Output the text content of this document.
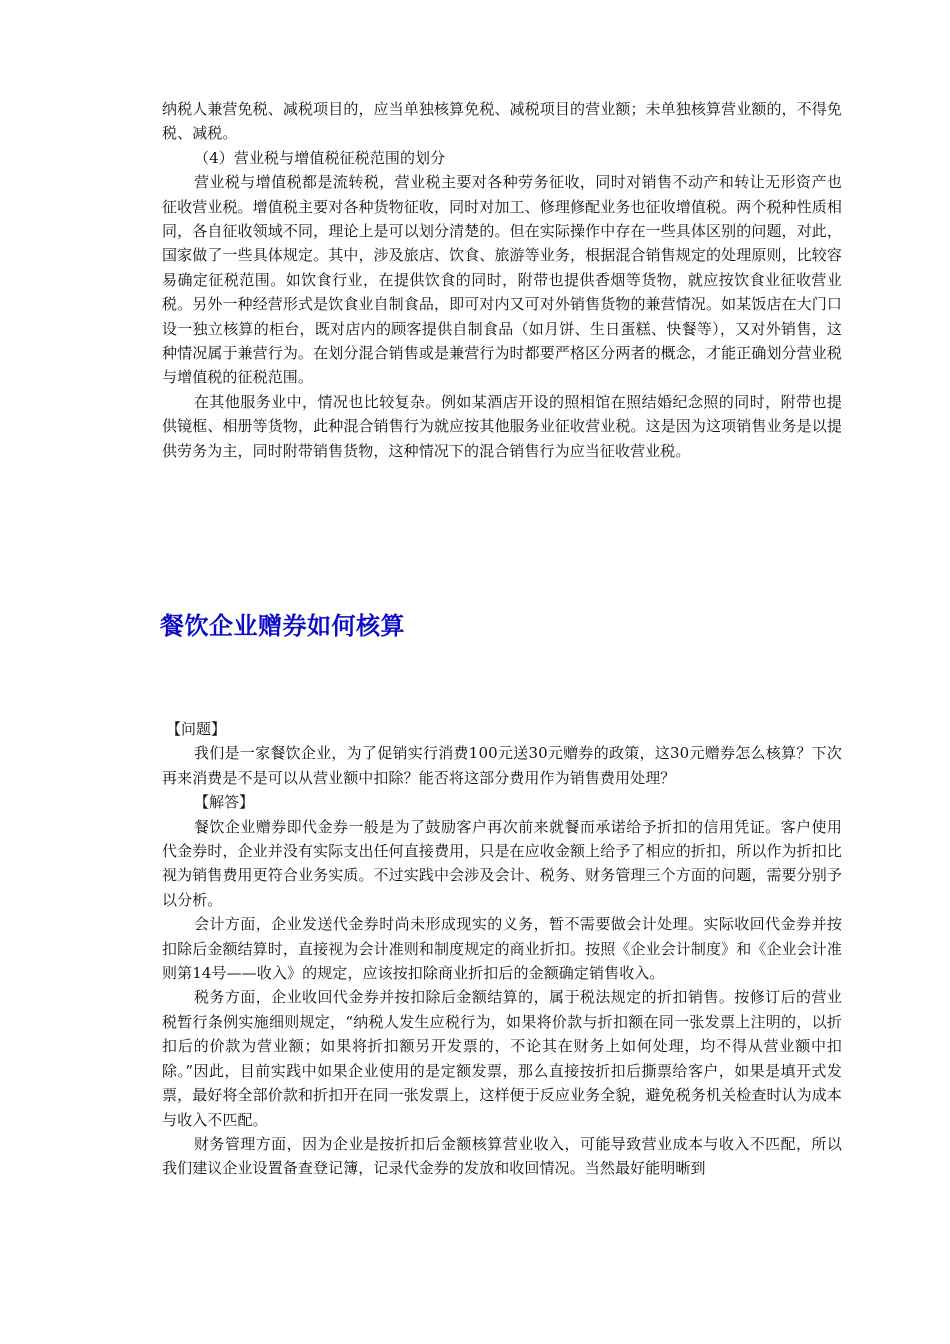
纳税人兼营免税、减税项目的，应当单独核算免税、减税项目的营业额；未单独核算营业额的，不得免税、减税。

（4）营业税与增值税征税范围的划分

营业税与增值税都是流转税，营业税主要对各种劳务征收，同时对销售不动产和转让无形资产也征收营业税。增值税主要对各种货物征收，同时对加工、修理修配业务也征收增值税。两个税种性质相同，各自征收领域不同，理论上是可以划分清楚的。但在实际操作中存在一些具体区别的问题，对此，国家做了一些具体规定。其中，涉及旅店、饮食、旅游等业务，根据混合销售规定的处理原则，比较容易确定征税范围。如饮食行业，在提供饮食的同时，附带也提供香烟等货物，就应按饮食业征收营业税。另外一种经营形式是饮食业自制食品，即可对内又可对外销售货物的兼营情况。如某饭店在大门口设一独立核算的柜台，既对店内的顾客提供自制食品（如月饼、生日蛋糕、快餐等），又对外销售，这种情况属于兼营行为。在划分混合销售或是兼营行为时都要严格区分两者的概念，才能正确划分营业税与增值税的征税范围。

在其他服务业中，情况也比较复杂。例如某酒店开设的照相馆在照结婚纪念照的同时，附带也提供镜框、相册等货物，此种混合销售行为就应按其他服务业征收营业税。这是因为这项销售业务是以提供劳务为主，同时附带销售货物，这种情况下的混合销售行为应当征收营业税。

餐饮企业赠券如何核算
【问题】

我们是一家餐饮企业，为了促销实行消费100元送30元赠券的政策，这30元赠券怎么核算？下次再来消费是不是可以从营业额中扣除？能否将这部分费用作为销售费用处理？

【解答】

餐饮企业赠券即代金券一般是为了鼓励客户再次前来就餐而承诺给予折扣的信用凭证。客户使用代金券时，企业并没有实际支出任何直接费用，只是在应收金额上给予了相应的折扣，所以作为折扣比视为销售费用更符合业务实质。不过实践中会涉及会计、税务、财务管理三个方面的问题，需要分别予以分析。

会计方面，企业发送代金券时尚未形成现实的义务，暂不需要做会计处理。实际收回代金券并按扣除后金额结算时，直接视为会计准则和制度规定的商业折扣。按照《企业会计制度》和《企业会计准则第14号——收入》的规定，应该按扣除商业折扣后的金额确定销售收入。

税务方面，企业收回代金券并按扣除后金额结算的，属于税法规定的折扣销售。按修订后的营业税暂行条例实施细则规定，“纳税人发生应税行为，如果将价款与折扣额在同一张发票上注明的，以折扣后的价款为营业额；如果将折扣额另开发票的，不论其在财务上如何处理，均不得从营业额中扣除。”因此，目前实践中如果企业使用的是定额发票，那么直接按折扣后撕票给客户，如果是填开式发票，最好将全部价款和折扣开在同一张发票上，这样便于反应业务全貌，避免税务机关检查时认为成本与收入不匹配。

财务管理方面，因为企业是按折扣后金额核算营业收入，可能导致营业成本与收入不匹配，所以我们建议企业设置备查登记簿，记录代金券的发放和收回情况。当然最好能明晰到
